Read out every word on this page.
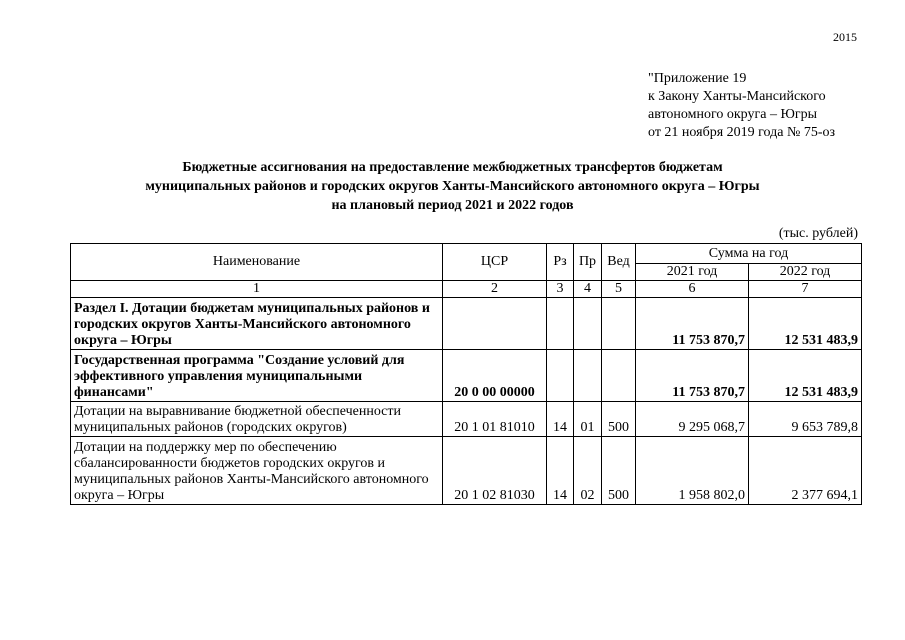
2015
"Приложение 19
к Закону Ханты-Мансийского
автономного округа – Югры
от 21 ноября 2019 года № 75-оз
Бюджетные ассигнования на предоставление межбюджетных трансфертов бюджетам
муниципальных районов и городских округов Ханты-Мансийского автономного округа – Югры
на плановый период 2021 и 2022 годов
(тыс. рублей)
Наименование	ЦСР	Рз	Пр	Вед	Сумма на год	
					2021 год	2022 год
1	2	3	4	5	6	7
Раздел I. Дотации бюджетам муниципальных районов и городских округов Ханты-Мансийского автономного округа – Югры					11 753 870,7	12 531 483,9
Государственная программа "Создание условий для эффективного управления муниципальными финансами"	20 0 00 00000				11 753 870,7	12 531 483,9
Дотации на выравнивание бюджетной обеспеченности муниципальных районов (городских округов)	20 1 01 81010	14	01	500	9 295 068,7	9 653 789,8
Дотации на поддержку мер по обеспечению сбалансированности бюджетов городских округов и муниципальных районов Ханты-Мансийского автономного округа – Югры	20 1 02 81030	14	02	500	1 958 802,0	2 377 694,1
